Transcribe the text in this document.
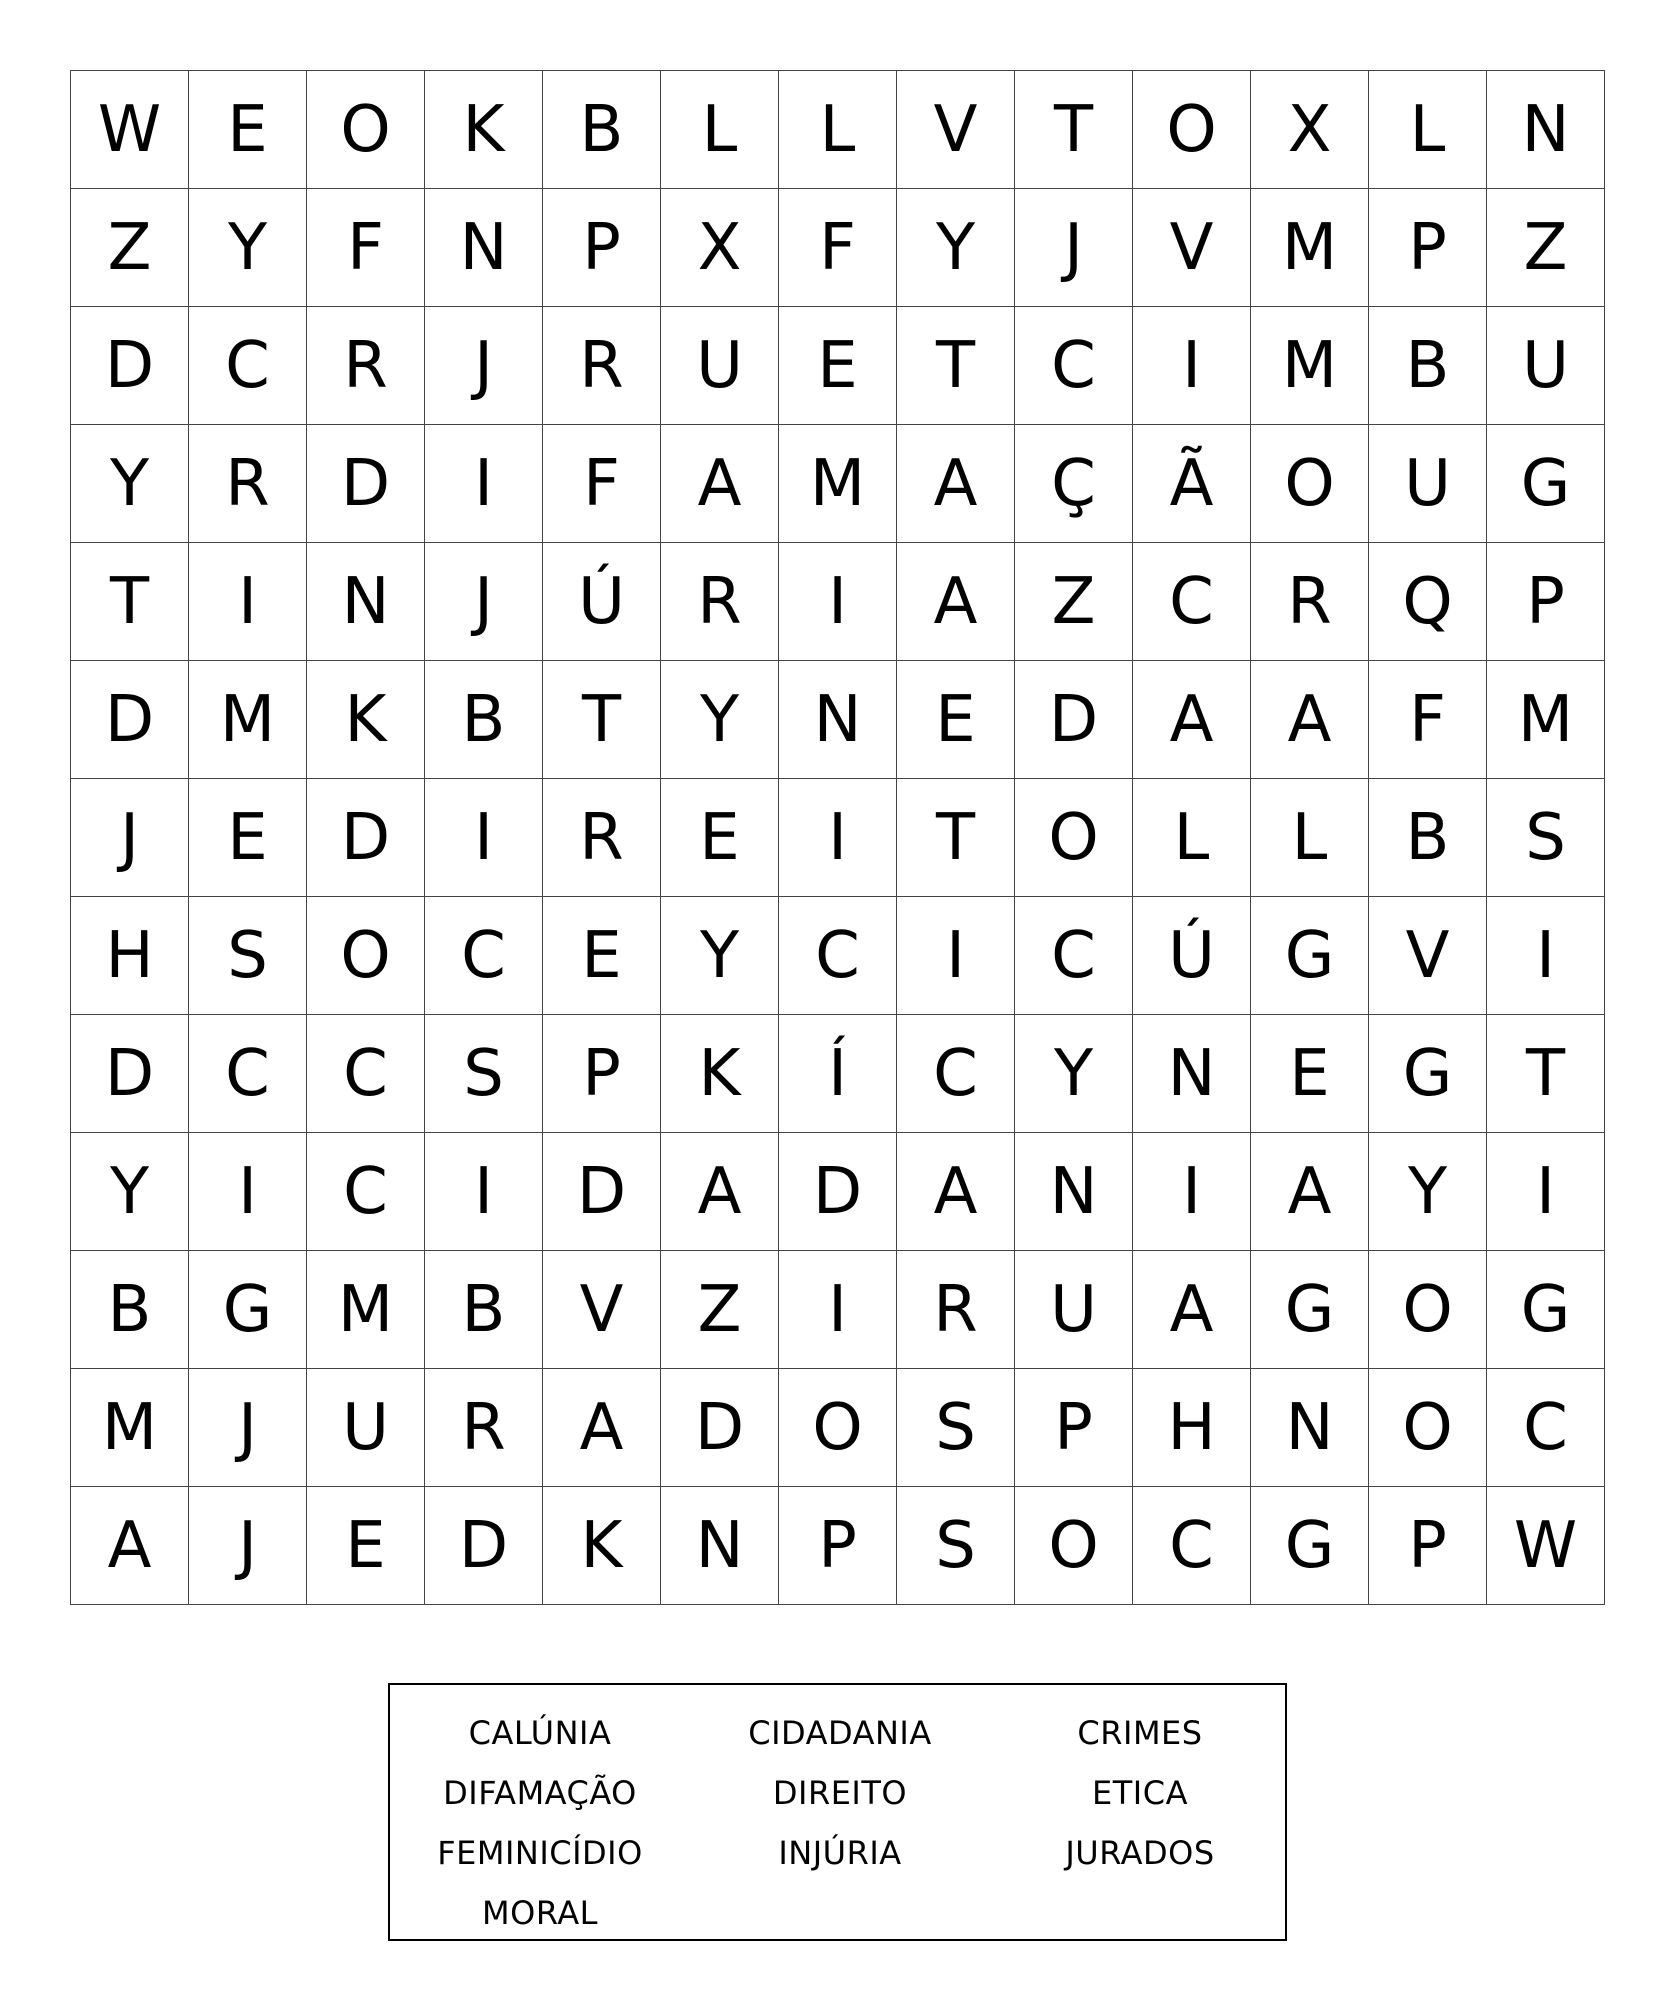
W	E	O	K	B	L	L	V	T	O	X	L	N
Z	Y	F	N	P	X	F	Y	J	V	M	P	Z
D	C	R	J	R	U	E	T	C	I	M	B	U
Y	R	D	I	F	A	M	A	Ç	Ã	O	U	G
T	I	N	J	Ú	R	I	A	Z	C	R	Q	P
D	M	K	B	T	Y	N	E	D	A	A	F	M
J	E	D	I	R	E	I	T	O	L	L	B	S
H	S	O	C	E	Y	C	I	C	Ú	G	V	I
D	C	C	S	P	K	Í	C	Y	N	E	G	T
Y	I	C	I	D	A	D	A	N	I	A	Y	I
B	G	M	B	V	Z	I	R	U	A	G	O	G
M	J	U	R	A	D	O	S	P	H	N	O	C
A	J	E	D	K	N	P	S	O	C	G	P	W
CALÚNIA	CIDADANIA	CRIMES
DIFAMAÇÃO	DIREITO	ETICA
FEMINICÍDIO	INJÚRIA	JURADOS
MORAL
